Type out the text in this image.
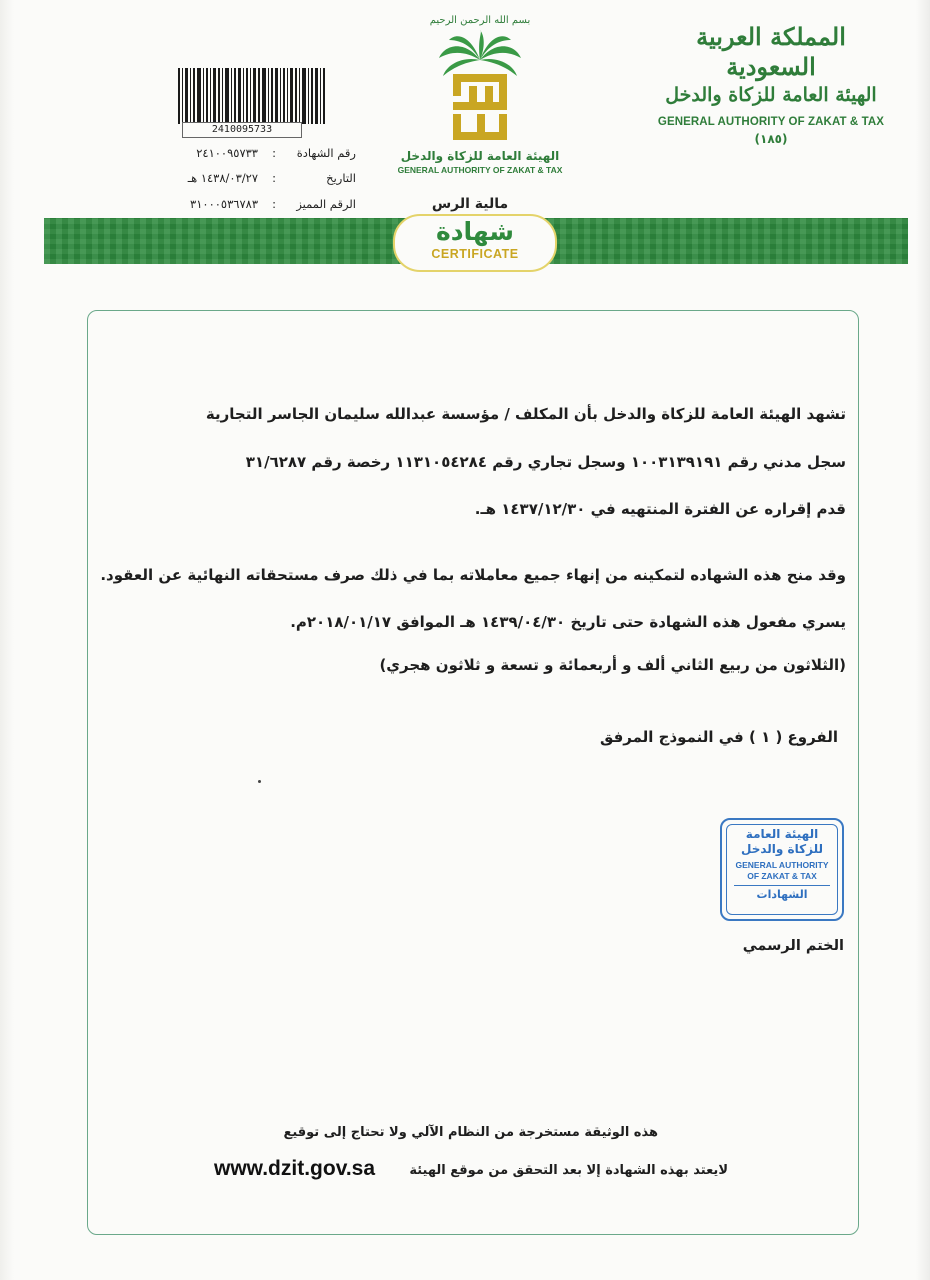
المملكة العربية السعودية
الهيئة العامة للزكاة والدخل
GENERAL AUTHORITY OF ZAKAT & TAX
(١٨٥)
بسم الله الرحمن الرحيم
الهيئة العامة للزكاة والدخل
GENERAL AUTHORITY OF ZAKAT & TAX
2410095733
رقم الشهادة
:
٢٤١٠٠٩٥٧٣٣
التاريخ
:
١٤٣٨/٠٣/٢٧ هـ
الرقم المميز
:
٣١٠٠٠٥٣٦٧٨٣	مالية الرس
شهادة
CERTIFICATE
تشهد الهيئة العامة للزكاة والدخل بأن المكلف / مؤسسة عبدالله سليمان الجاسر التجارية
سجل مدني رقم ١٠٠٣١٣٩١٩١ وسجل تجاري رقم ١١٣١٠٥٤٢٨٤ رخصة رقم ٣١/٦٢٨٧
قدم إقراره عن الفترة المنتهيه في ١٤٣٧/١٢/٣٠ هـ.
وقد منح هذه الشهاده لتمكينه من إنهاء جميع معاملاته بما في ذلك صرف مستحقاته النهائية عن العقود.
يسري مفعول هذه الشهادة حتى تاريخ ١٤٣٩/٠٤/٣٠ هـ الموافق ٢٠١٨/٠١/١٧م.
(الثلاثون من ربيع الثاني ألف و أربعمائة و تسعة و ثلاثون هجري)
الفروع ( ١ ) في النموذج المرفق
الهيئة العامة
للزكاة والدخل
GENERAL AUTHORITY
OF ZAKAT & TAX
الشهادات
الختم الرسمي
هذه الوثيقة مستخرجة من النظام الآلي ولا تحتاج إلى توقيع
لايعتد بهذه الشهادة إلا بعد التحقق من موقع الهيئة
www.dzit.gov.sa
